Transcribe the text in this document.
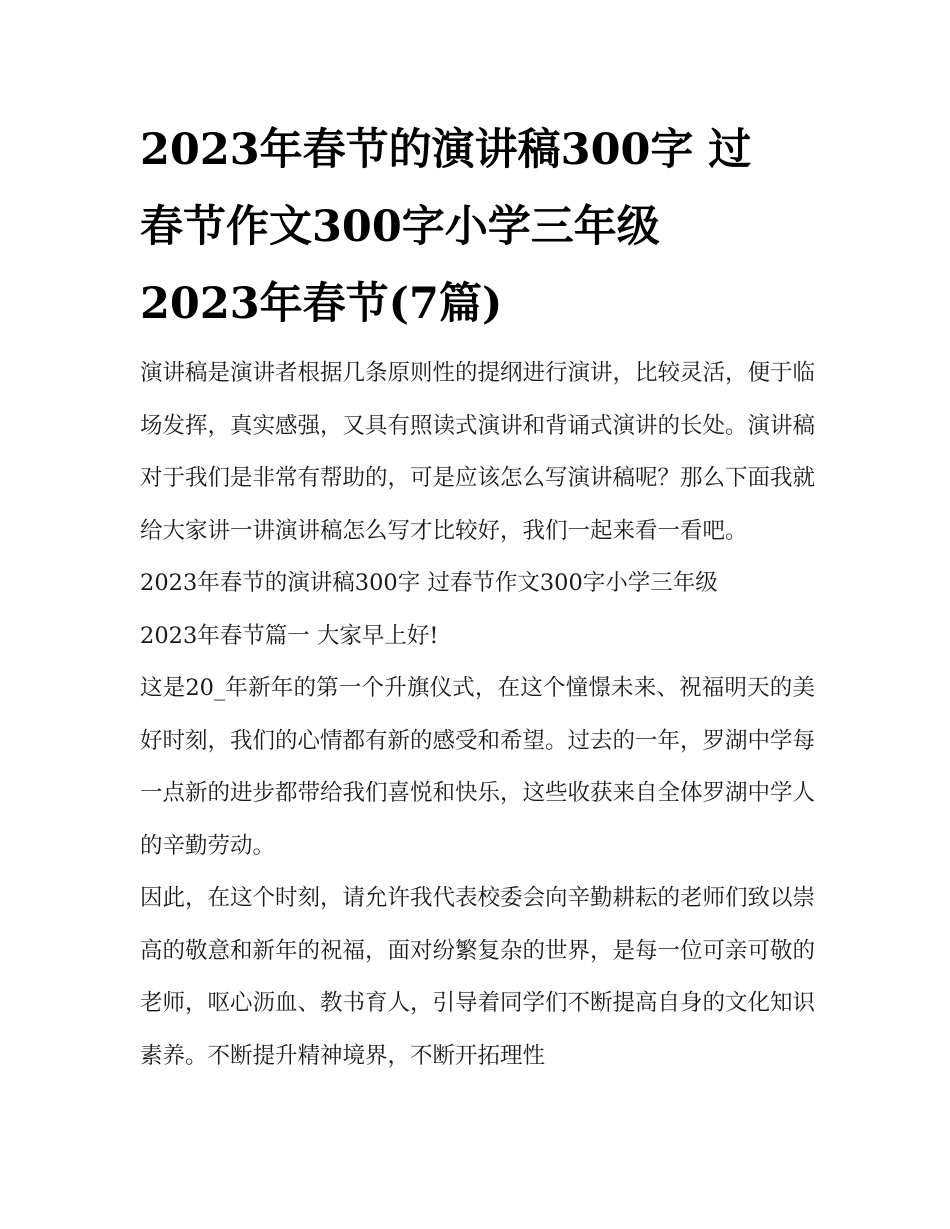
2023年春节的演讲稿300字 过

春节作文300字小学三年级

2023年春节(7篇)

演讲稿是演讲者根据几条原则性的提纲进行演讲，比较灵活，便于临场发挥，真实感强，又具有照读式演讲和背诵式演讲的长处。演讲稿对于我们是非常有帮助的，可是应该怎么写演讲稿呢？那么下面我就给大家讲一讲演讲稿怎么写才比较好，我们一起来看一看吧。

2023年春节的演讲稿300字 过春节作文300字小学三年级

2023年春节篇一 大家早上好!

这是20_年新年的第一个升旗仪式，在这个憧憬未来、祝福明天的美好时刻，我们的心情都有新的感受和希望。过去的一年，罗湖中学每一点新的进步都带给我们喜悦和快乐，这些收获来自全体罗湖中学人的辛勤劳动。

因此，在这个时刻，请允许我代表校委会向辛勤耕耘的老师们致以崇高的敬意和新年的祝福，面对纷繁复杂的世界，是每一位可亲可敬的老师，呕心沥血、教书育人，引导着同学们不断提高自身的文化知识素养。不断提升精神境界，不断开拓理性
